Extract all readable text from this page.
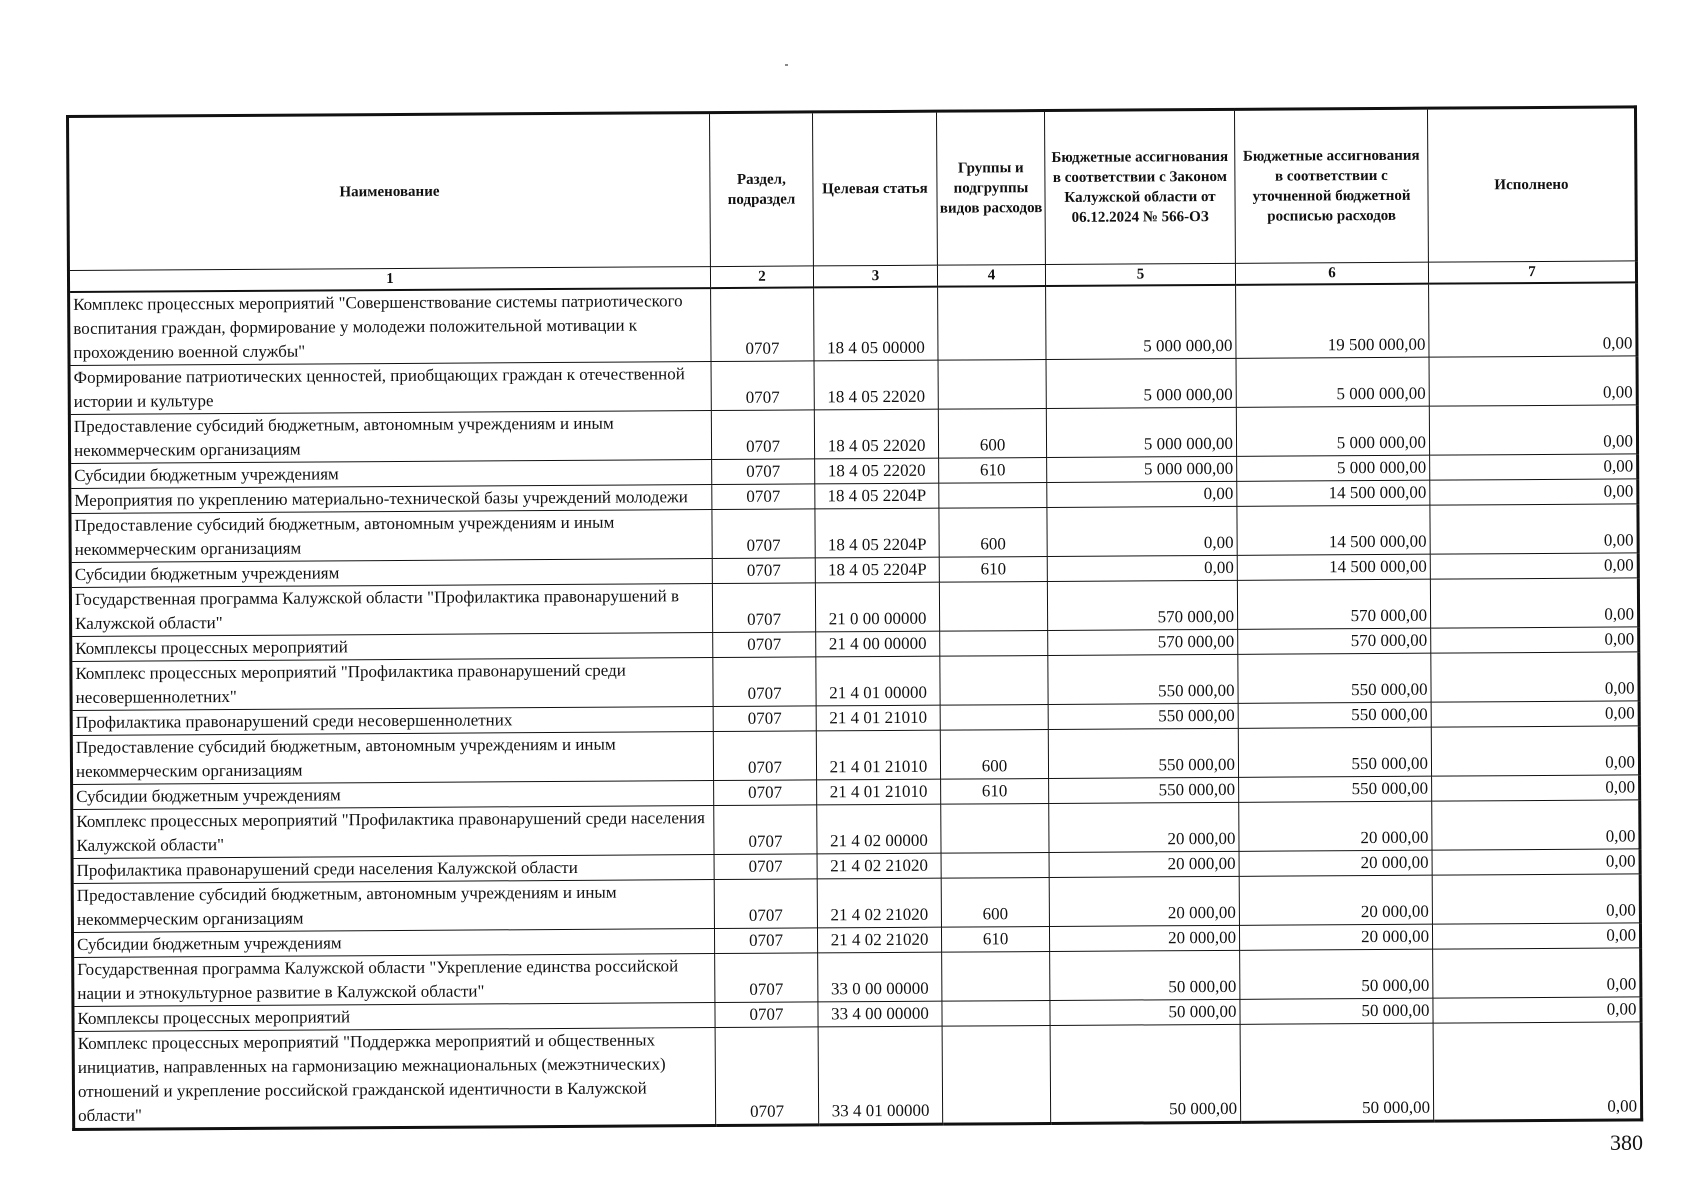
Наименование	Раздел, подраздел	Целевая статья	Группы и подгруппы видов расходов	Бюджетные ассигнования в соответствии с Законом Калужской области от 06.12.2024 № 566-ОЗ	Бюджетные ассигнования в соответствии с уточненной бюджетной росписью расходов	Исполнено
1	2	3	4	5	6	7
Комплекс процессных мероприятий "Совершенствование системы патриотического воспитания граждан, формирование у молодежи положительной мотивации к прохождению военной службы"	0707	18 4 05 00000		5 000 000,00	19 500 000,00	0,00
Формирование патриотических ценностей, приобщающих граждан к отечественной истории и культуре	0707	18 4 05 22020		5 000 000,00	5 000 000,00	0,00
Предоставление субсидий бюджетным, автономным учреждениям и иным некоммерческим организациям	0707	18 4 05 22020	600	5 000 000,00	5 000 000,00	0,00
Субсидии бюджетным учреждениям	0707	18 4 05 22020	610	5 000 000,00	5 000 000,00	0,00
Мероприятия по укреплению материально-технической базы учреждений молодежи	0707	18 4 05 2204Р		0,00	14 500 000,00	0,00
Предоставление субсидий бюджетным, автономным учреждениям и иным некоммерческим организациям	0707	18 4 05 2204Р	600	0,00	14 500 000,00	0,00
Субсидии бюджетным учреждениям	0707	18 4 05 2204Р	610	0,00	14 500 000,00	0,00
Государственная программа Калужской области "Профилактика правонарушений в Калужской области"	0707	21 0 00 00000		570 000,00	570 000,00	0,00
Комплексы процессных мероприятий	0707	21 4 00 00000		570 000,00	570 000,00	0,00
Комплекс процессных мероприятий "Профилактика правонарушений среди несовершеннолетних"	0707	21 4 01 00000		550 000,00	550 000,00	0,00
Профилактика правонарушений среди несовершеннолетних	0707	21 4 01 21010		550 000,00	550 000,00	0,00
Предоставление субсидий бюджетным, автономным учреждениям и иным некоммерческим организациям	0707	21 4 01 21010	600	550 000,00	550 000,00	0,00
Субсидии бюджетным учреждениям	0707	21 4 01 21010	610	550 000,00	550 000,00	0,00
Комплекс процессных мероприятий "Профилактика правонарушений среди населения Калужской области"	0707	21 4 02 00000		20 000,00	20 000,00	0,00
Профилактика правонарушений среди населения Калужской области	0707	21 4 02 21020		20 000,00	20 000,00	0,00
Предоставление субсидий бюджетным, автономным учреждениям и иным некоммерческим организациям	0707	21 4 02 21020	600	20 000,00	20 000,00	0,00
Субсидии бюджетным учреждениям	0707	21 4 02 21020	610	20 000,00	20 000,00	0,00
Государственная программа Калужской области "Укрепление единства российской нации и этнокультурное развитие в Калужской области"	0707	33 0 00 00000		50 000,00	50 000,00	0,00
Комплексы процессных мероприятий	0707	33 4 00 00000		50 000,00	50 000,00	0,00
Комплекс процессных мероприятий "Поддержка мероприятий и общественных инициатив, направленных на гармонизацию межнациональных (межэтнических) отношений и укрепление российской гражданской идентичности в Калужской области"	0707	33 4 01 00000		50 000,00	50 000,00	0,00
380
